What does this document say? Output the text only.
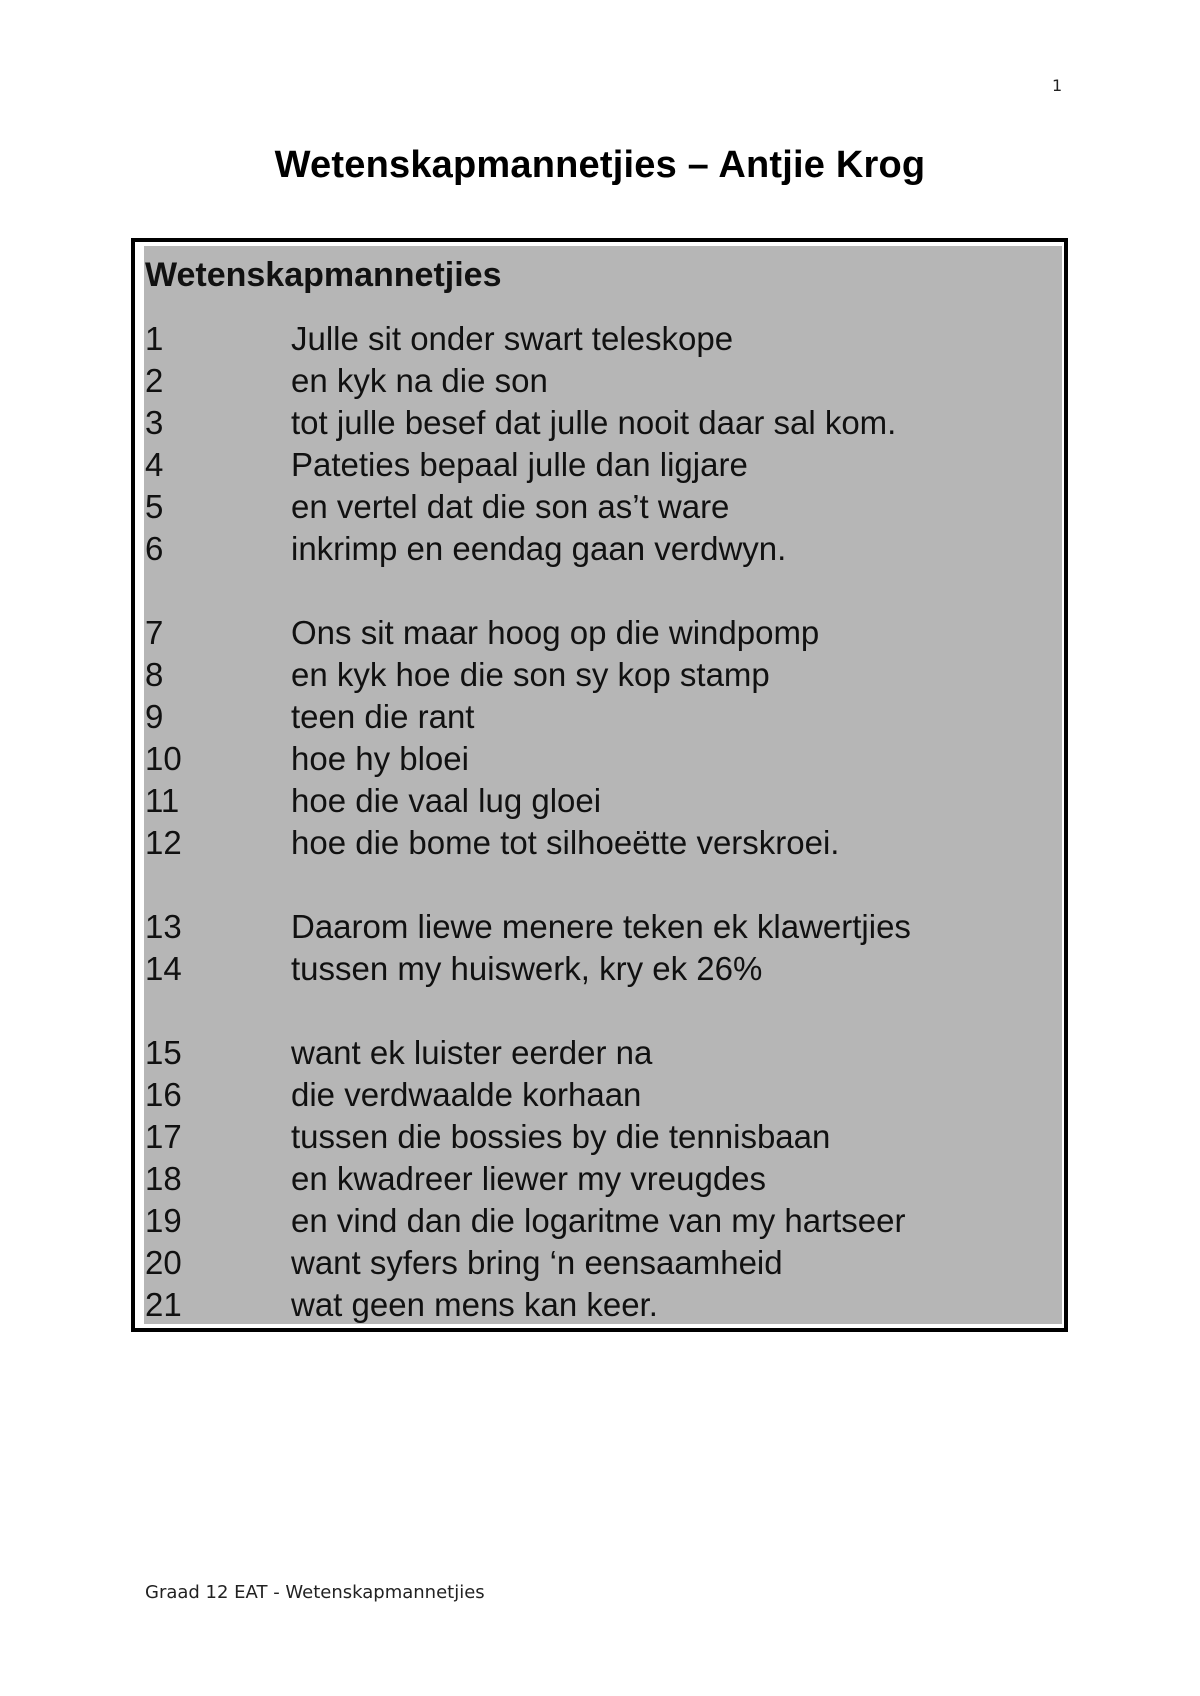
1
Wetenskapmannetjies – Antjie Krog
Wetenskapmannetjies
1	Julle sit onder swart teleskope
2	en kyk na die son
3	tot julle besef dat julle nooit daar sal kom.
4	Pateties bepaal julle dan ligjare
5	en vertel dat die son as’t ware
6	inkrimp en eendag gaan verdwyn.
7	Ons sit maar hoog op die windpomp
8	en kyk hoe die son sy kop stamp
9	teen die rant
10	hoe hy bloei
11	hoe die vaal lug gloei
12	hoe die bome tot silhoeëtte verskroei.
13	Daarom liewe menere teken ek klawertjies
14	tussen my huiswerk, kry ek 26%
15	want ek luister eerder na
16	die verdwaalde korhaan
17	tussen die bossies by die tennisbaan
18	en kwadreer liewer my vreugdes
19	en vind dan die logaritme van my hartseer
20	want syfers bring ‘n eensaamheid
21	wat geen mens kan keer.
Graad 12 EAT - Wetenskapmannetjies
